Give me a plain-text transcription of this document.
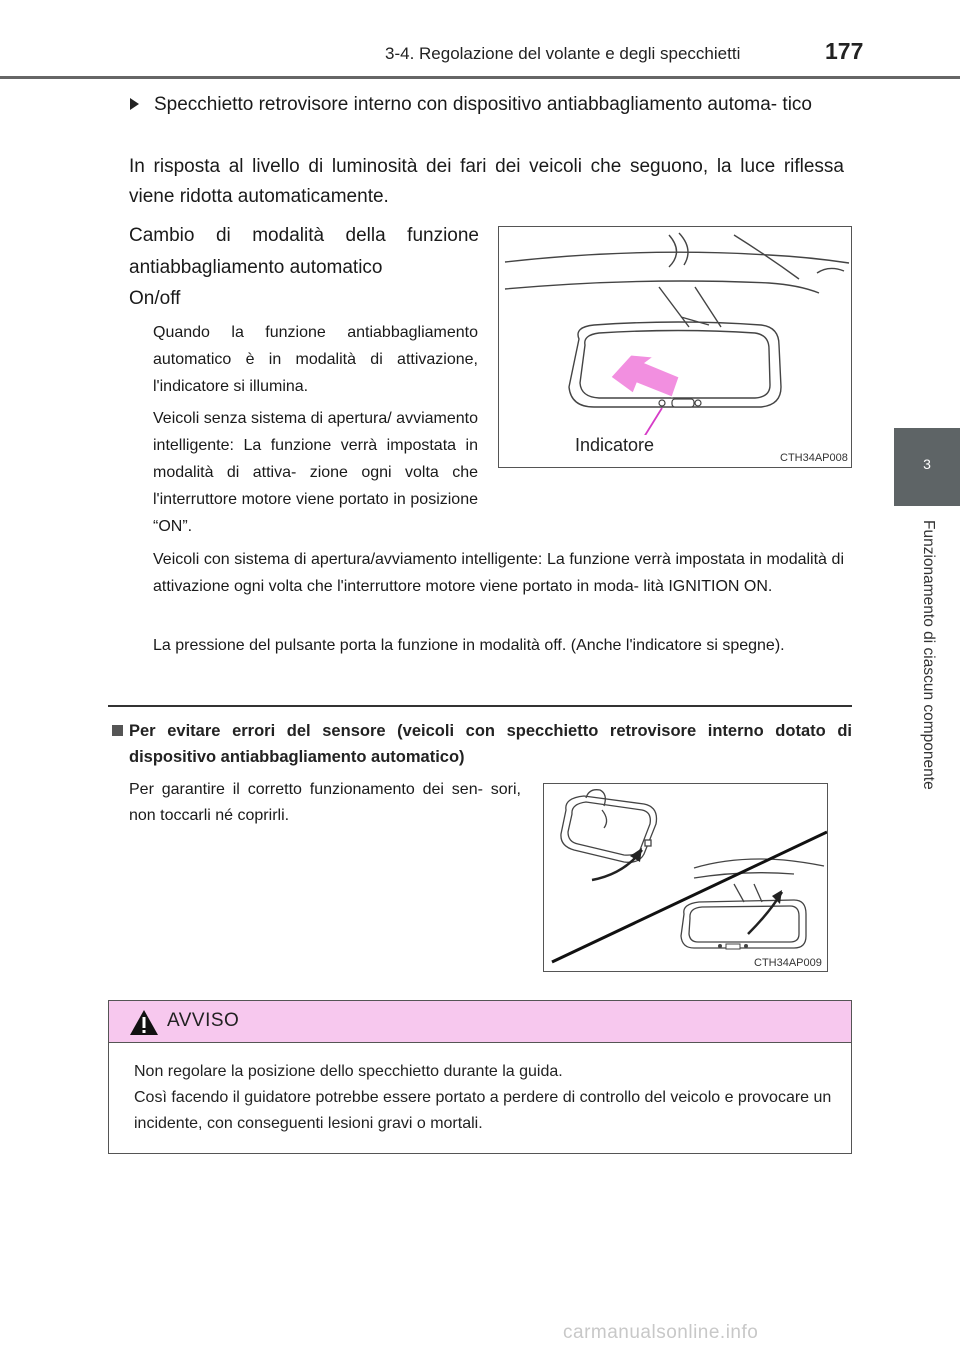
3-4. Regolazione del volante e degli specchietti	177
3
Funzionamento di ciascun componente
Specchietto retrovisore interno con dispositivo antiabbagliamento automa- tico
In risposta al livello di luminosità dei fari dei veicoli che seguono, la luce riflessa viene ridotta automaticamente.
Cambio di modalità della funzione antiabbagliamento automatico
On/off
Quando la funzione antiabbagliamento automatico è in modalità di attivazione, l'indicatore si illumina.
Veicoli senza sistema di apertura/ avviamento intelligente: La funzione verrà impostata in modalità di attiva- zione ogni volta che l'interruttore motore viene portato in posizione “ON”.
Veicoli con sistema di apertura/avviamento intelligente: La funzione verrà impostata in modalità di attivazione ogni volta che l'interruttore motore viene portato in moda- lità IGNITION ON.
La pressione del pulsante porta la funzione in modalità off. (Anche l'indicatore si spegne).
Indicatore
CTH34AP008
Per evitare errori del sensore (veicoli con specchietto retrovisore interno dotato di dispositivo antiabbagliamento automatico)
Per garantire il corretto funzionamento dei sen- sori, non toccarli né coprirli.
CTH34AP009
AVVISO
Non regolare la posizione dello specchietto durante la guida.
Così facendo il guidatore potrebbe essere portato a perdere di controllo del veicolo e provocare un incidente, con conseguenti lesioni gravi o mortali.
carmanualsonline.info
